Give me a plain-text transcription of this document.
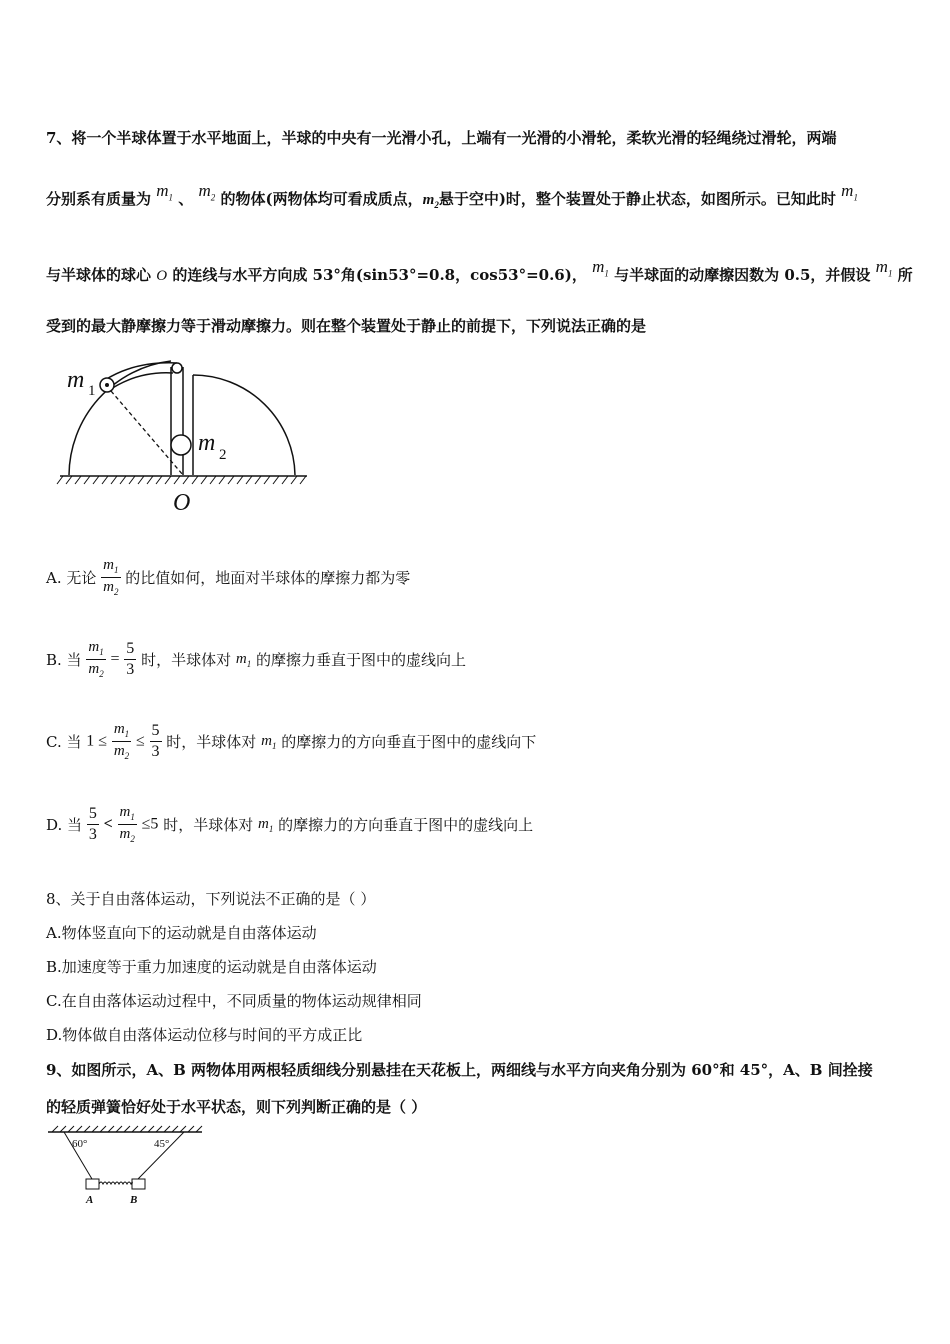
7、将一个半球体置于水平地面上，半球的中央有一光滑小孔，上端有一光滑的小滑轮，柔软光滑的轻绳绕过滑轮，两端
分别系有质量为 $m_1$ 、 $m_2$ 的物体(两物体均可看成质点，$m_2$悬于空中)时，整个装置处于静止状态，如图所示。已知此时 $m_1$
与半球体的球心 O 的连线与水平方向成 53°角(sin53°=0.8，cos53°=0.6)， $m_1$ 与半球面的动摩擦因数为 0.5，并假设 $m_1$ 所
受到的最大静摩擦力等于滑动摩擦力。则在整个装置处于静止的前提下，下列说法正确的是
m 1
m 2
O
A. 无论 $\frac{m_1}{m_2}$ 的比值如何，地面对半球体的摩擦力都为零
B. 当 $\frac{m_1}{m_2} = \frac{5}{3}$ 时，半球体对 $m_1$ 的摩擦力垂直于图中的虚线向上
C. 当 $1 \le \frac{m_1}{m_2} \le \frac{5}{3}$ 时，半球体对 $m_1$ 的摩擦力的方向垂直于图中的虚线向下
D. 当 $\frac{5}{3} < \frac{m_1}{m_2} \le 5$ 时，半球体对 $m_1$ 的摩擦力的方向垂直于图中的虚线向上
8、关于自由落体运动，下列说法不正确的是（ ）
A.物体竖直向下的运动就是自由落体运动
B.加速度等于重力加速度的运动就是自由落体运动
C.在自由落体运动过程中，不同质量的物体运动规律相同
D.物体做自由落体运动位移与时间的平方成正比
9、如图所示，A、B 两物体用两根轻质细线分别悬挂在天花板上，两细线与水平方向夹角分别为 60°和 45°，A、B 间拴接
的轻质弹簧恰好处于水平状态，则下列判断正确的是（ ）
60°	45°
A	B
